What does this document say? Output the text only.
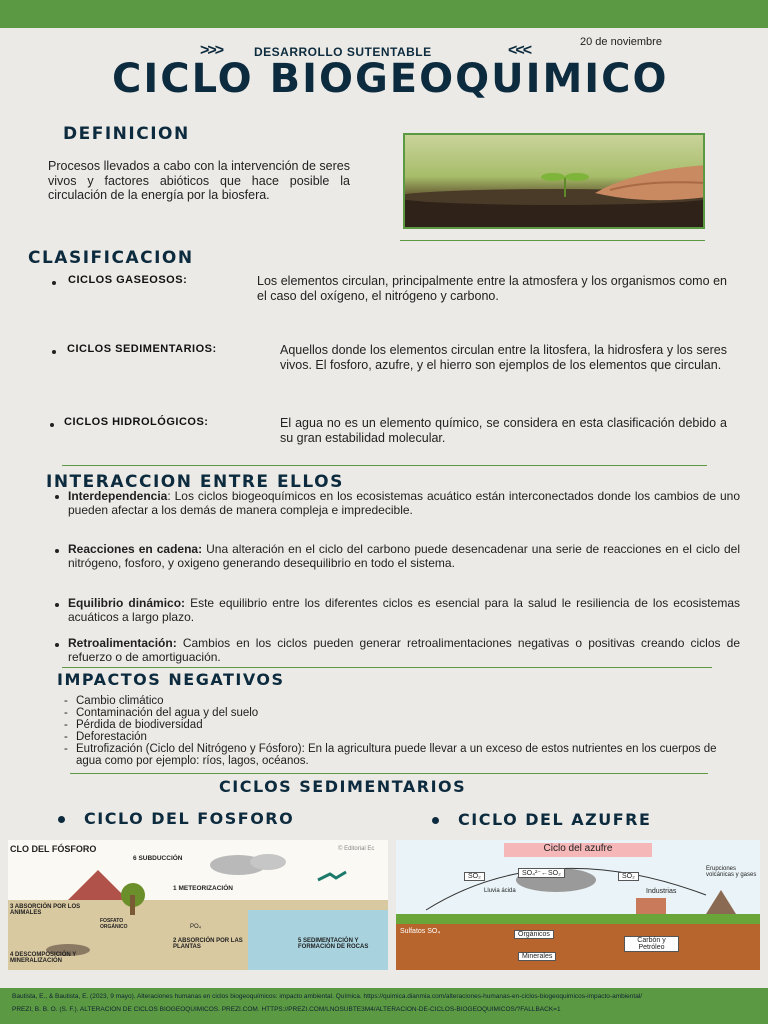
>>>	DESARROLLO SUTENTABLE	<<<	20 de noviembre
CICLO BIOGEOQUIMICO
DEFINICION
Procesos llevados a cabo con la intervención de seres vivos y factores abióticos que hace posible la circulación de la energía por la biosfera.
CLASIFICACION
CICLOS GASEOSOS:	Los elementos circulan, principalmente entre la atmosfera y los organismos como en el caso del oxígeno, el nitrógeno y carbono.
CICLOS SEDIMENTARIOS:	Aquellos donde los elementos circulan entre la litosfera, la hidrosfera y los seres vivos. El fosforo, azufre, y el hierro son ejemplos de los elementos que circulan.
CICLOS HIDROLÓGICOS:	El agua no es un elemento químico, se considera en esta clasificación debido a su gran estabilidad molecular.
INTERACCION ENTRE ELLOS
Interdependencia: Los ciclos biogeoquímicos en los ecosistemas acuático están interconectados donde los cambios de uno pueden afectar a los demás de manera compleja e impredecible.
Reacciones en cadena: Una alteración en el ciclo del carbono puede desencadenar una serie de reacciones en el ciclo del nitrógeno, fosforo, y oxigeno generando desequilibrio en todo el sistema.
Equilibrio dinámico: Este equilibrio entre los diferentes ciclos es esencial para la salud le resiliencia de los ecosistemas acuáticos a largo plazo.
Retroalimentación: Cambios en los ciclos pueden generar retroalimentaciones negativas o positivas creando ciclos de refuerzo o de amortiguación.
IMPACTOS NEGATIVOS
- Cambio climático
- Contaminación del agua y del suelo
- Pérdida de biodiversidad
- Deforestación
- Eutrofización (Ciclo del Nitrógeno y Fósforo): En la agricultura puede llevar a un exceso de estos nutrientes en los cuerpos de agua como por ejemplo: ríos, lagos, océanos.
CICLOS SEDIMENTARIOS
CICLO DEL FOSFORO	CICLO DEL AZUFRE
CLO DEL FÓSFORO	© Editorial Ec
6 SUBDUCCIÓN
1 METEORIZACIÓN
3 ABSORCIÓN POR LOS ANIMALES
FOSFATO ORGÁNICO
2 ABSORCIÓN POR LAS PLANTAS
5 SEDIMENTACIÓN Y FORMACIÓN DE ROCAS
4 DESCOMPOSICIÓN Y MINERALIZACIÓN
PO₄
Ciclo del azufre
SO₂	SO₄²⁻←SO₂	SO₂
Erupciones volcánicas y gases
Lluvia ácida	Industrias
Sulfatos SO₄	Orgánicos
Minerales
Carbón y Petróleo
Bautista, E., & Bautista, E. (2023, 9 mayo). Alteraciones humanas en ciclos biogeoquímicos: impacto ambiental. Química. https://quimica.dianmia.com/alteraciones-humanas-en-ciclos-biogeoquimicos-impacto-ambiental/
PREZI, B. B. O. (S. F.). ALTERACION DE CICLOS BIOGEOQUIMICOS. PREZI.COM. HTTPS://PREZI.COM/LNOSUBTE3M4/ALTERACION-DE-CICLOS-BIOGEOQUIMICOS/?FALLBACK=1
